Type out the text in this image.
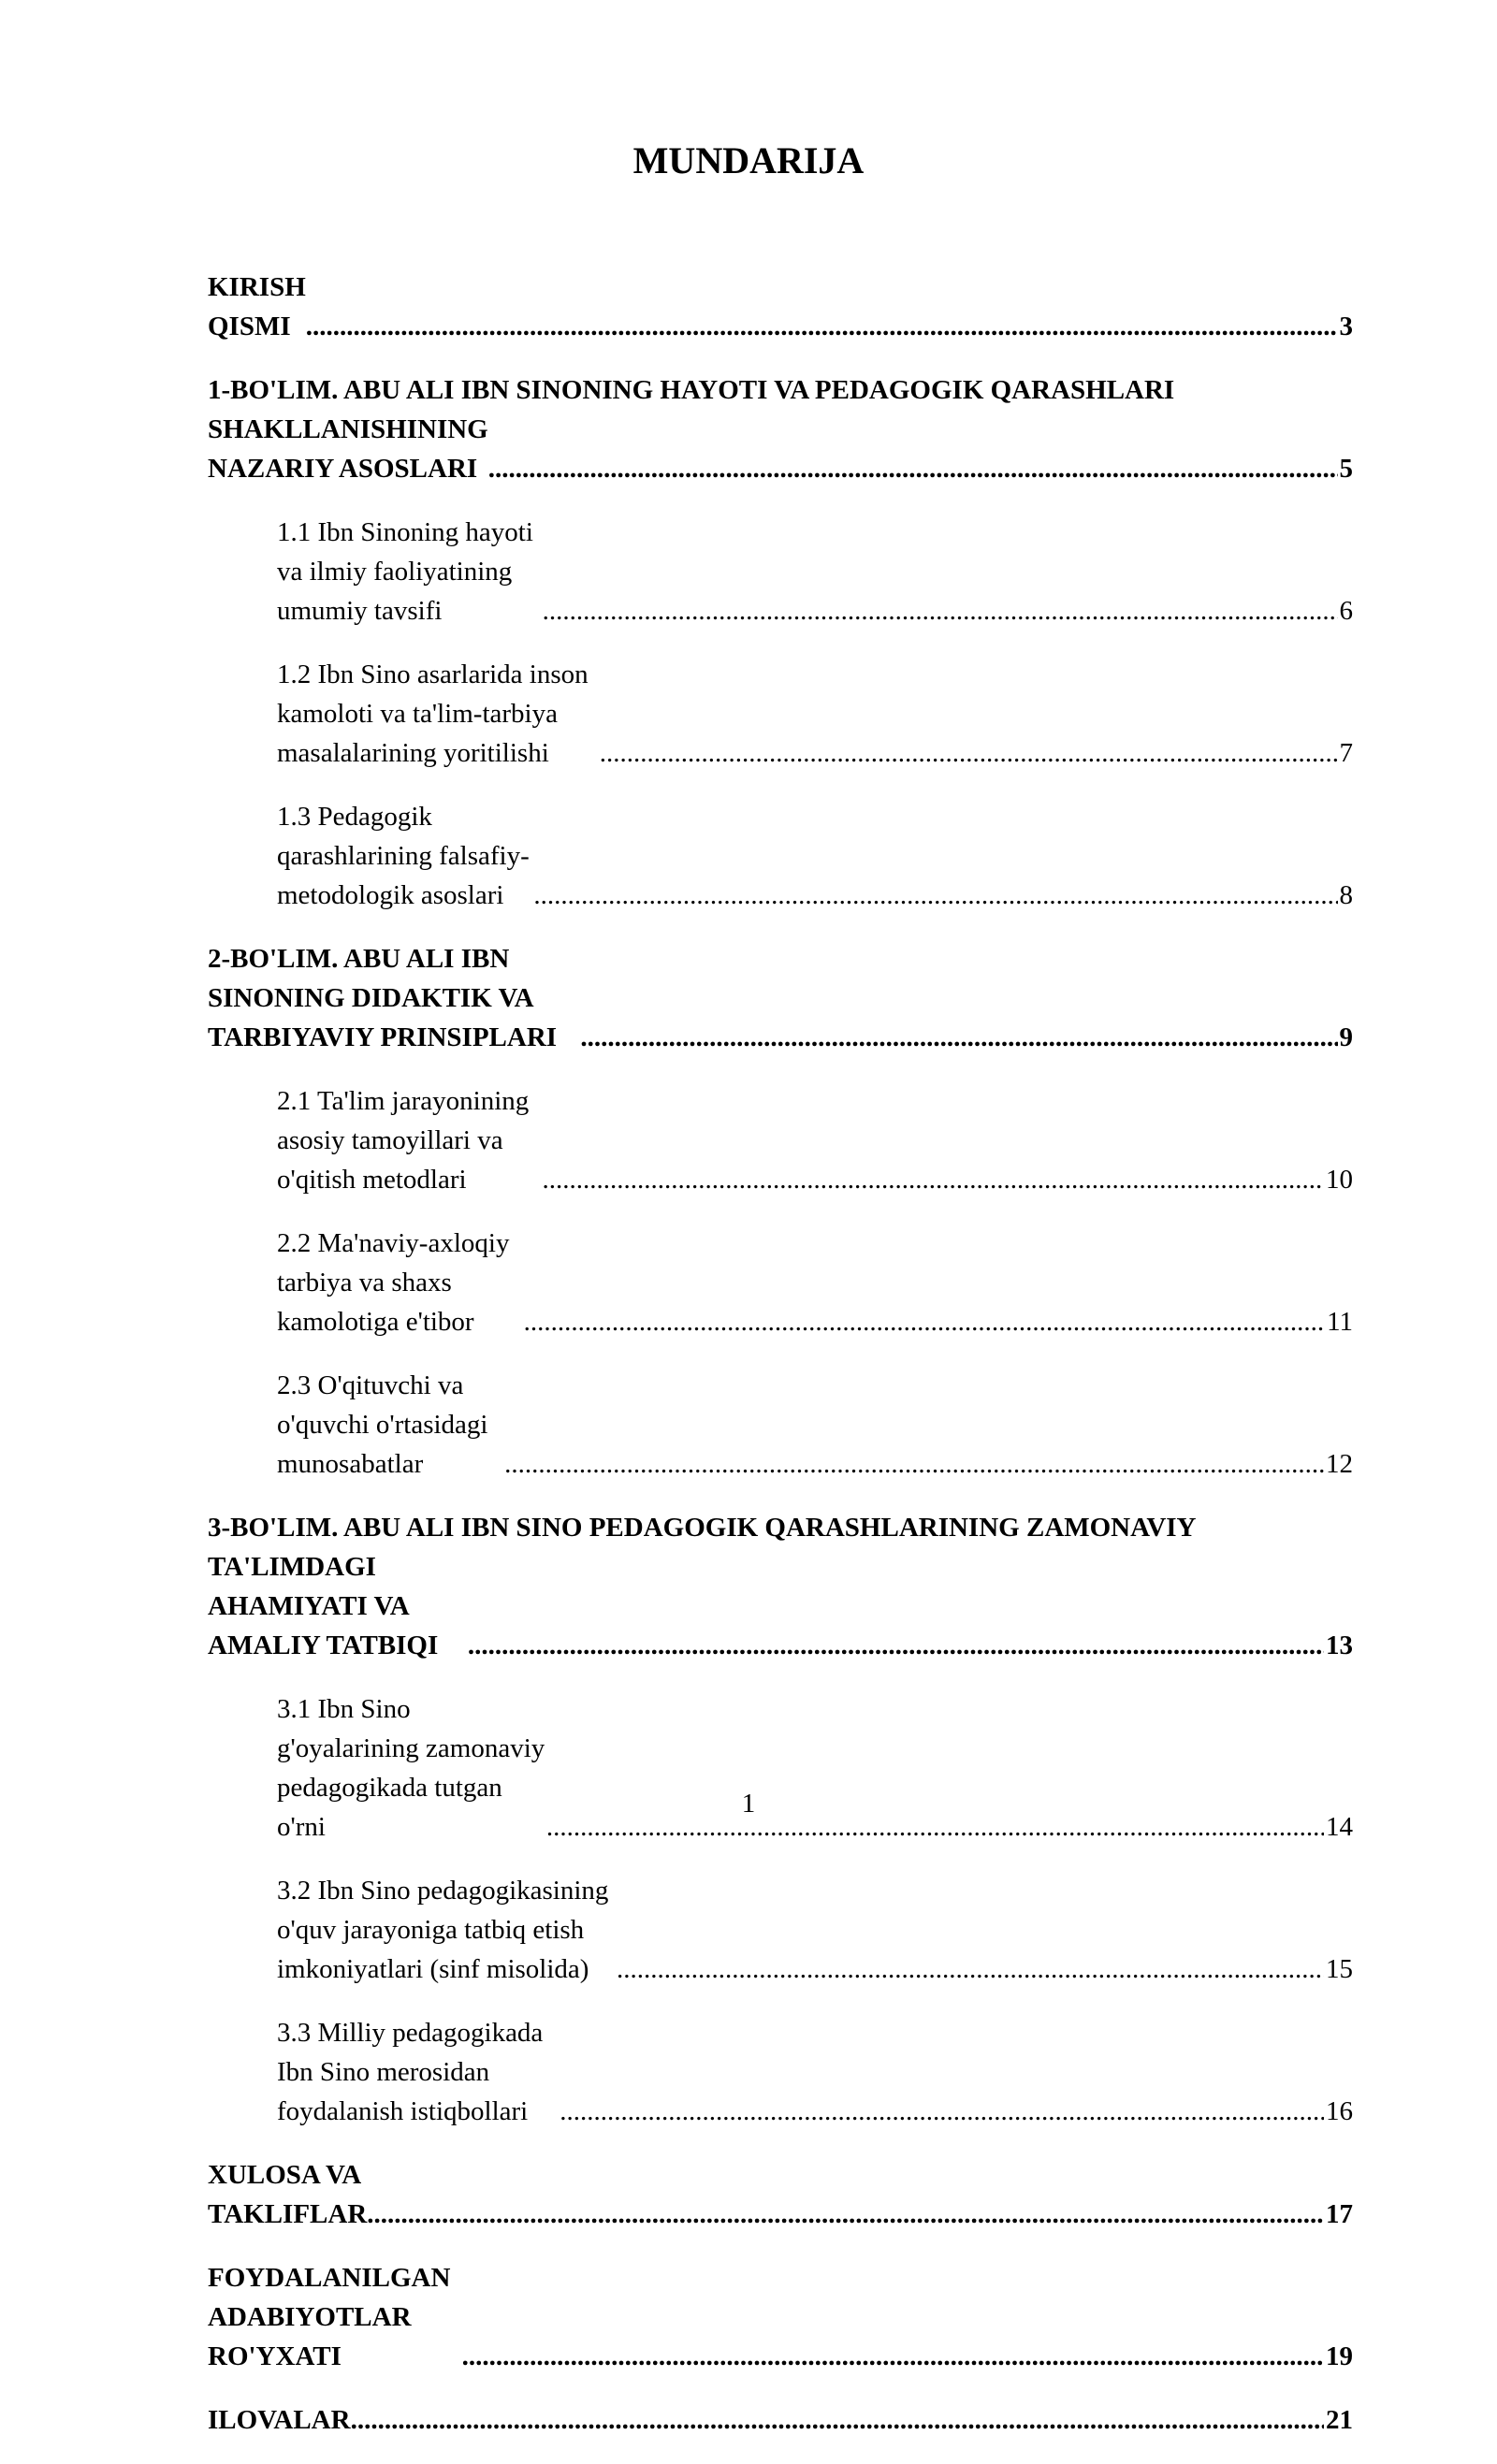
MUNDARIJA
KIRISH QISMI .....	3
1-BO'LIM. ABU ALI IBN SINONING HAYOTI VA PEDAGOGIK QARASHLARI
SHAKLLANISHINING NAZARIY ASOSLARI .....	5
1.1 Ibn Sinoning hayoti va ilmiy faoliyatining umumiy tavsifi .....	6
1.2 Ibn Sino asarlarida inson kamoloti va ta'lim-tarbiya masalalarining yoritilishi .....	7
1.3 Pedagogik qarashlarining falsafiy-metodologik asoslari .....	8
2-BO'LIM. ABU ALI IBN SINONING DIDAKTIK VA TARBIYAVIY PRINSIPLARI .....	9
2.1 Ta'lim jarayonining asosiy tamoyillari va o'qitish metodlari .....	10
2.2 Ma'naviy-axloqiy tarbiya va shaxs kamolotiga e'tibor .....	11
2.3 O'qituvchi va o'quvchi o'rtasidagi munosabatlar .....	12
3-BO'LIM. ABU ALI IBN SINO PEDAGOGIK QARASHLARINING ZAMONAVIY
TA'LIMDAGI AHAMIYATI VA AMALIY TATBIQI .....	13
3.1 Ibn Sino g'oyalarining zamonaviy pedagogikada tutgan o'rni .....	14
3.2 Ibn Sino pedagogikasining o'quv jarayoniga tatbiq etish imkoniyatlari (sinf misolida) .....	15
3.3 Milliy pedagogikada Ibn Sino merosidan foydalanish istiqbollari .....	16
XULOSA VA TAKLIFLAR .....	17
FOYDALANILGAN ADABIYOTLAR RO'YXATI .....	19
ILOVALAR .....	21
1
